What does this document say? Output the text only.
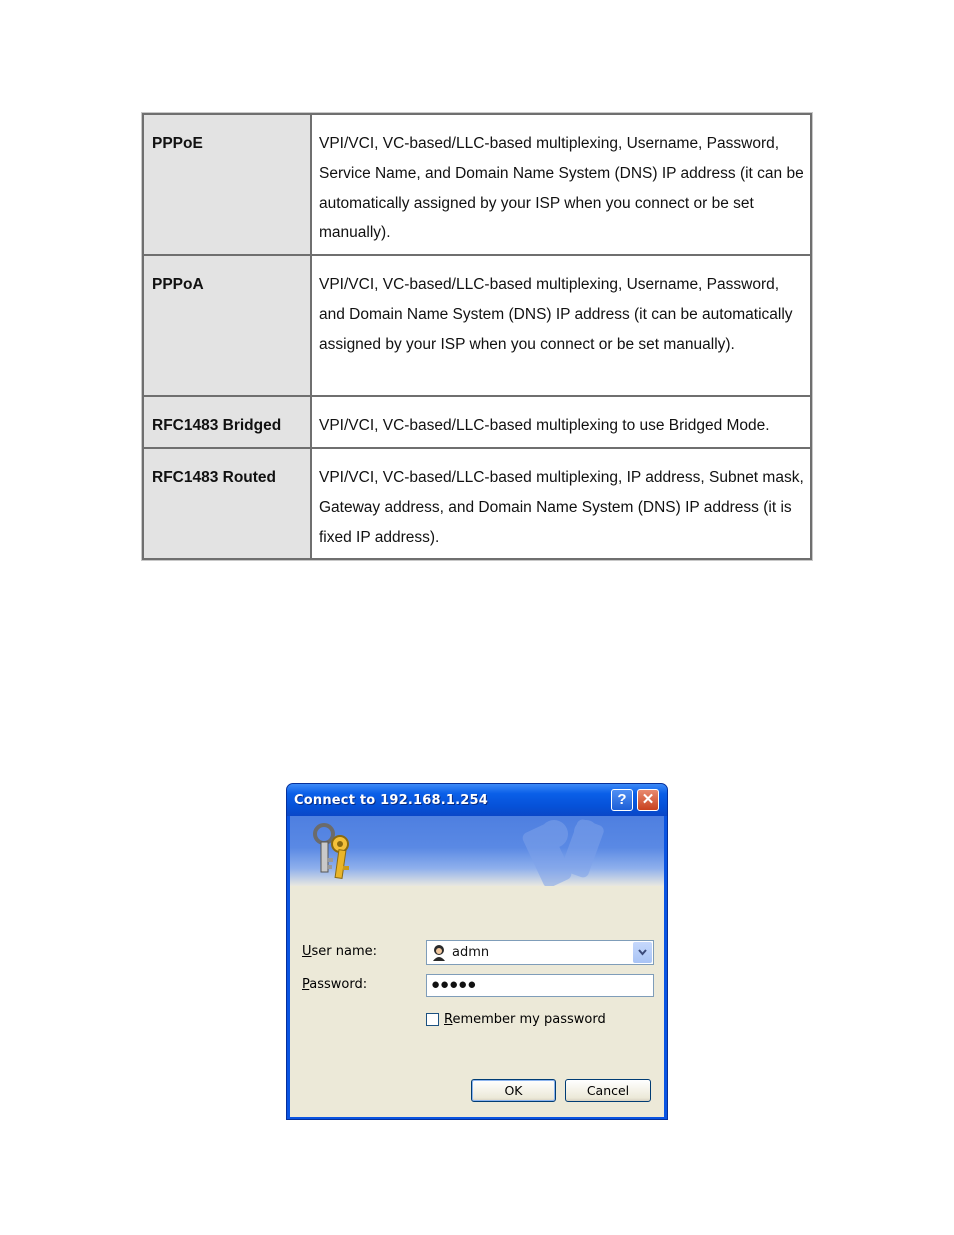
PPPoE	VPI/VCI, VC-based/LLC-based multiplexing, Username, Password, Service Name, and Domain Name System (DNS) IP address (it can be automatically assigned by your ISP when you connect or be set manually).
PPPoA	VPI/VCI, VC-based/LLC-based multiplexing, Username, Password, and Domain Name System (DNS) IP address (it can be automatically assigned by your ISP when you connect or be set manually).
RFC1483 Bridged	VPI/VCI, VC-based/LLC-based multiplexing to use Bridged Mode.
RFC1483 Routed	VPI/VCI, VC-based/LLC-based multiplexing, IP address, Subnet mask, Gateway address, and Domain Name System (DNS) IP address (it is fixed IP address).
Connect to 192.168.1.254	?	✕
User name:	admn
Password:	●●●●●
Remember my password
OK	Cancel
